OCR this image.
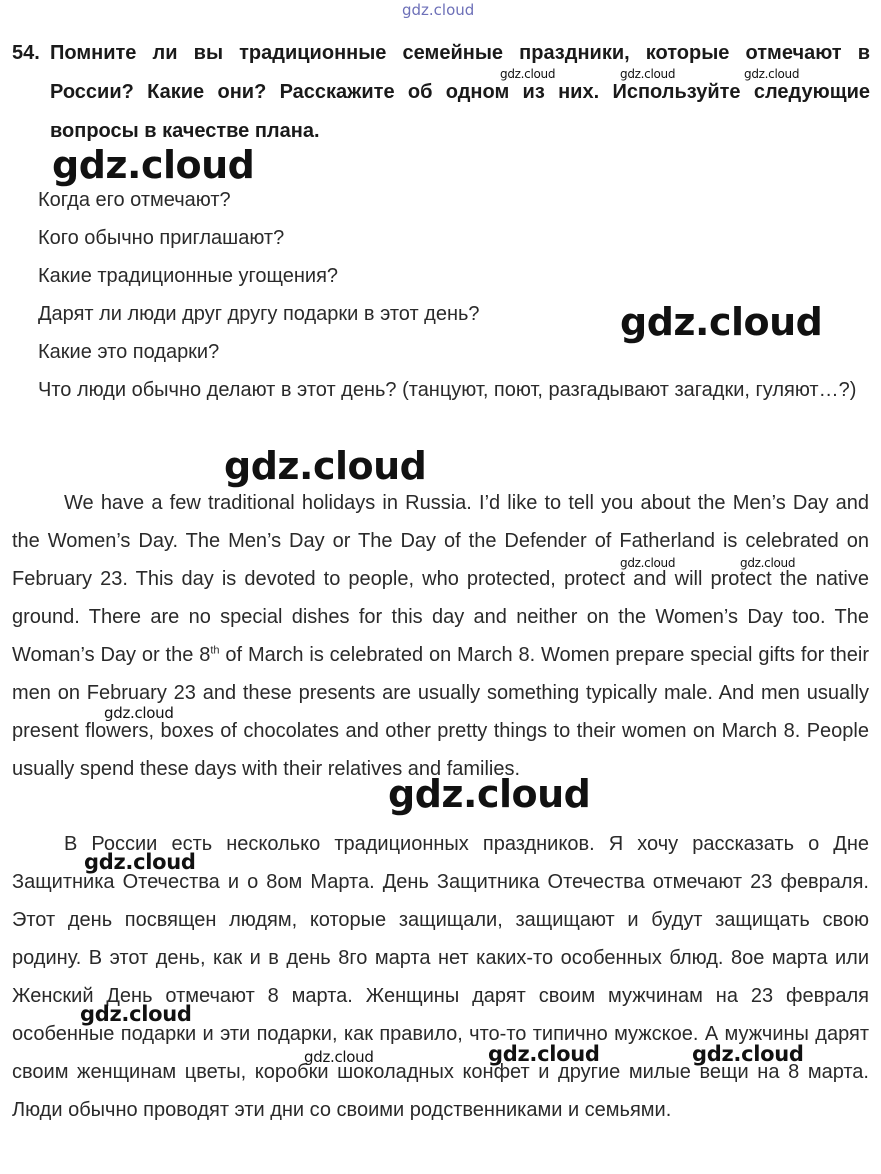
gdz.cloud
54. Помните ли вы традиционные семейные праздники, которые отмечают в России? Какие они? Расскажите об одном из них. Используйте следующие вопросы в качестве плана.
Когда его отмечают?
Кого обычно приглашают?
Какие традиционные угощения?
Дарят ли люди друг другу подарки в этот день?
Какие это подарки?
Что люди обычно делают в этот день? (танцуют, поют, разгадывают загадки, гуляют…?)
We have a few traditional holidays in Russia. I’d like to tell you about the Men’s Day and the Women’s Day. The Men’s Day or The Day of the Defender of Fatherland is celebrated on February 23. This day is devoted to people, who protected, protect and will protect the native ground. There are no special dishes for this day and neither on the Women’s Day too. The Woman’s Day or the 8th of March is celebrated on March 8. Women prepare special gifts for their men on February 23 and these presents are usually something typically male. And men usually present flowers, boxes of chocolates and other pretty things to their women on March 8. People usually spend these days with their relatives and families.
В России есть несколько традиционных праздников. Я хочу рассказать о Дне Защитника Отечества и о 8ом Марта. День Защитника Отечества отмечают 23 февраля. Этот день посвящен людям, которые защищали, защищают и будут защищать свою родину. В этот день, как и в день 8го марта нет каких-то особенных блюд. 8ое марта или Женский День отмечают 8 марта. Женщины дарят своим мужчинам на 23 февраля особенные подарки и эти подарки, как правило, что-то типично мужское. А мужчины дарят своим женщинам цветы, коробки шоколадных конфет и другие милые вещи на 8 марта. Люди обычно проводят эти дни со своими родственниками и семьями.
gdz.cloud	gdz.cloud	gdz.cloud
gdz.cloud
gdz.cloud
gdz.cloud
gdz.cloud	gdz.cloud
gdz.cloud
gdz.cloud
gdz.cloud
gdz.cloud
gdz.cloud	gdz.cloud	gdz.cloud
